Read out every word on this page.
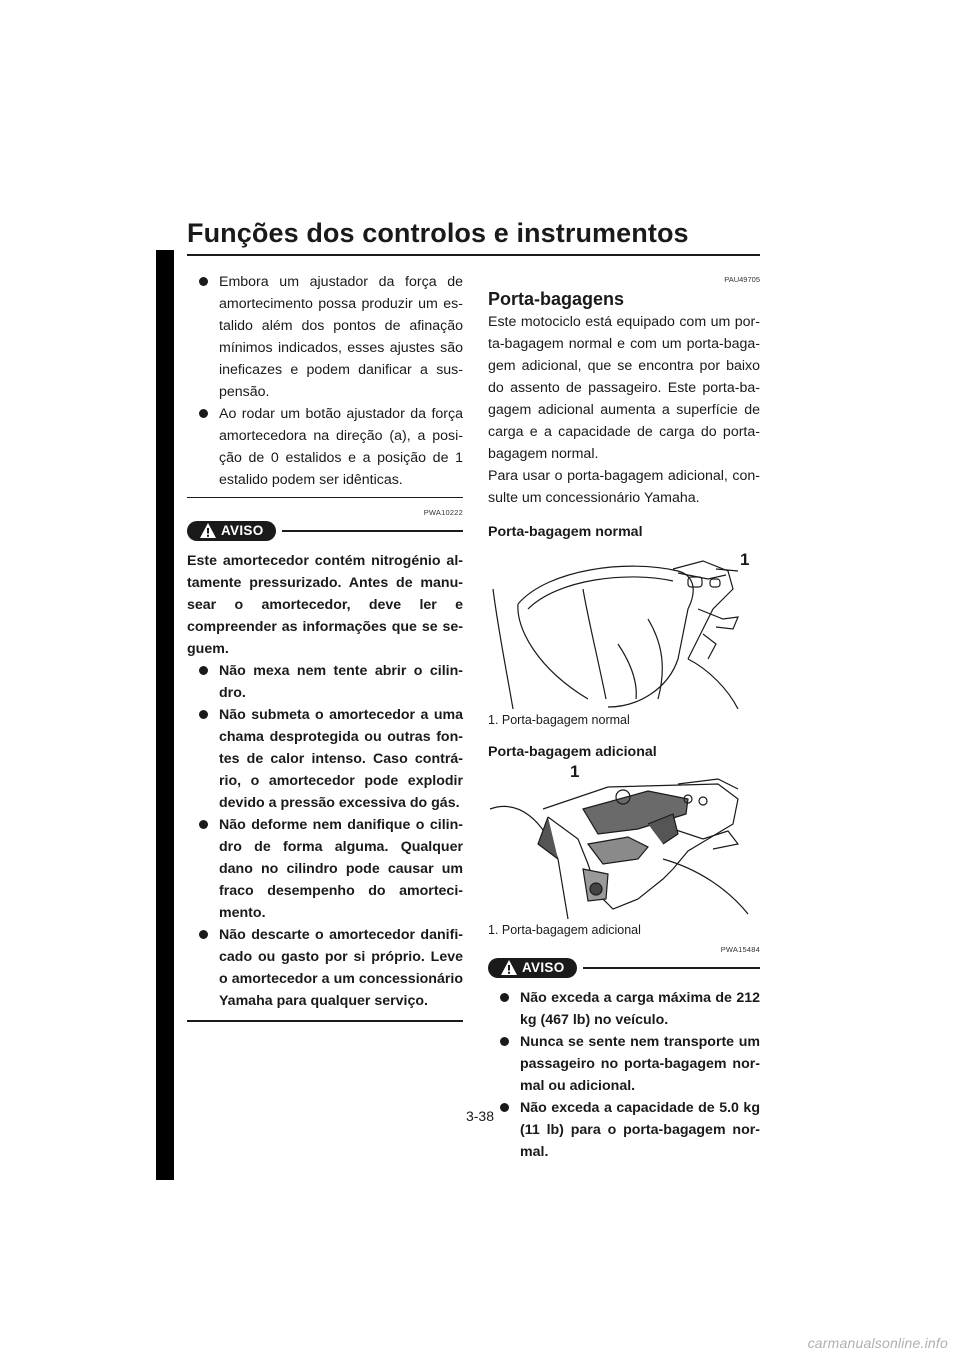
Funções dos controlos e instrumentos
3
Embora um ajustador da força de amortecimento possa produzir um es-talido além dos pontos de afinação mínimos indicados, esses ajustes são ineficazes e podem danificar a sus-pensão.
Ao rodar um botão ajustador da força amortecedora na direção (a), a posi-ção de 0 estalidos e a posição de 1 estalido podem ser idênticas.
PWA10222
AVISO

Este amortecedor contém nitrogénio al-tamente pressurizado. Antes de manu-sear o amortecedor, deve ler e compreender as informações que se se-guem.

Não mexa nem tente abrir o cilin-dro.
Não submeta o amortecedor a uma chama desprotegida ou outras fon-tes de calor intenso. Caso contrá-rio, o amortecedor pode explodir devido a pressão excessiva do gás.
Não deforme nem danifique o cilin-dro de forma alguma. Qualquer dano no cilindro pode causar um fraco desempenho do amorteci-mento.
Não descarte o amortecedor danifi-cado ou gasto por si próprio. Leve o amortecedor a um concessionário Yamaha para qualquer serviço.
PAU49705
Porta-bagagens

Este motociclo está equipado com um por-ta-bagagem normal e com um porta-baga-gem adicional, que se encontra por baixo do assento de passageiro. Este porta-ba-gagem adicional aumenta a superfície de carga e a capacidade de carga do porta-bagagem normal.

Para usar o porta-bagagem adicional, con-sulte um concessionário Yamaha.

Porta-bagagem normal
1
1. Porta-bagagem normal
Porta-bagagem adicional
1
1. Porta-bagagem adicional
PWA15484
AVISO
Não exceda a carga máxima de 212 kg (467 lb) no veículo.
Nunca se sente nem transporte um passageiro no porta-bagagem nor-mal ou adicional.
Não exceda a capacidade de 5.0 kg (11 lb) para o porta-bagagem nor-mal.
3-38
carmanualsonline.info
